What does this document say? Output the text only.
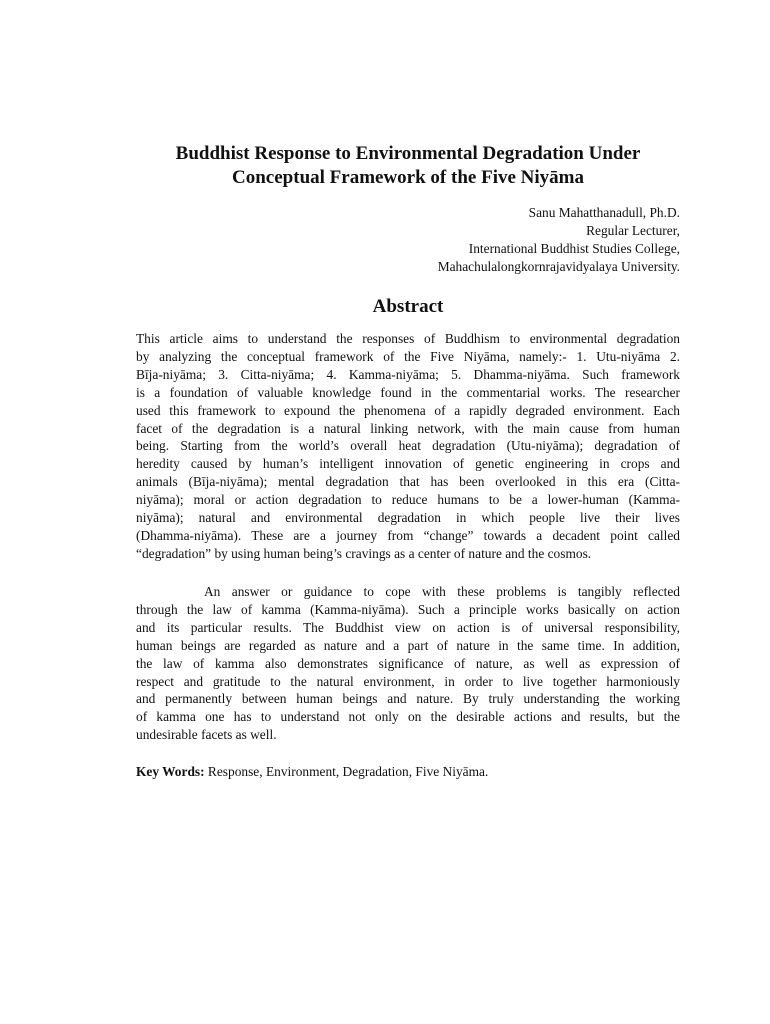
Buddhist Response to Environmental Degradation Under
Conceptual Framework of the Five Niyāma
Sanu Mahatthanadull, Ph.D.
Regular Lecturer,
International Buddhist Studies College,
Mahachulalongkornrajavidyalaya University.
Abstract
This article aims to understand the responses of Buddhism to environmental degradation
by analyzing the conceptual framework of the Five Niyāma, namely:- 1. Utu-niyāma 2.
Bīja-niyāma; 3. Citta-niyāma; 4. Kamma-niyāma; 5. Dhamma-niyāma. Such framework
is a foundation of valuable knowledge found in the commentarial works. The researcher
used this framework to expound the phenomena of a rapidly degraded environment. Each
facet of the degradation is a natural linking network, with the main cause from human
being. Starting from the world’s overall heat degradation (Utu-niyāma); degradation of
heredity caused by human’s intelligent innovation of genetic engineering in crops and
animals (Bīja-niyāma); mental degradation that has been overlooked in this era (Citta-
niyāma); moral or action degradation to reduce humans to be a lower-human (Kamma-
niyāma); natural and environmental degradation in which people live their lives
(Dhamma-niyāma). These are a journey from “change” towards a decadent point called
“degradation” by using human being’s cravings as a center of nature and the cosmos.
An answer or guidance to cope with these problems is tangibly reflected
through the law of kamma (Kamma-niyāma). Such a principle works basically on action
and its particular results. The Buddhist view on action is of universal responsibility,
human beings are regarded as nature and a part of nature in the same time. In addition,
the law of kamma also demonstrates significance of nature, as well as expression of
respect and gratitude to the natural environment, in order to live together harmoniously
and permanently between human beings and nature. By truly understanding the working
of kamma one has to understand not only on the desirable actions and results, but the
undesirable facets as well.
Key Words: Response, Environment, Degradation, Five Niyāma.
